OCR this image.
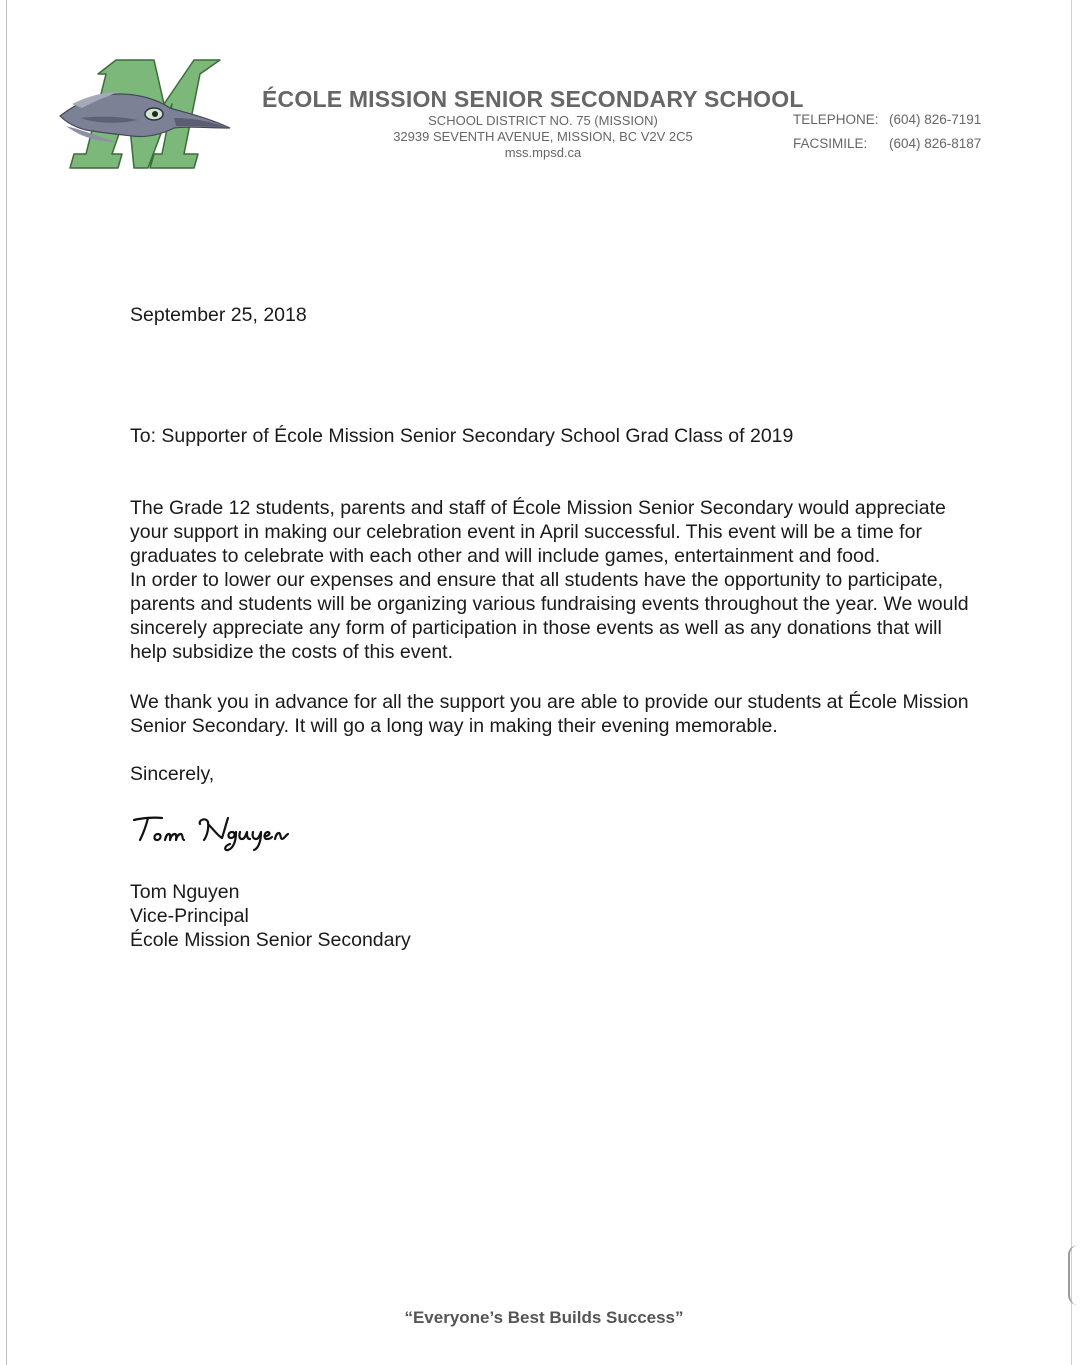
ÉCOLE MISSION SENIOR SECONDARY SCHOOL
SCHOOL DISTRICT NO. 75 (MISSION)
32939 SEVENTH AVENUE, MISSION, BC V2V 2C5
mss.mpsd.ca
TELEPHONE: (604) 826-7191
FACSIMILE: (604) 826-8187
September 25, 2018
To: Supporter of École Mission Senior Secondary School Grad Class of 2019
The Grade 12 students, parents and staff of École Mission Senior Secondary would appreciate
your support in making our celebration event in April successful. This event will be a time for
graduates to celebrate with each other and will include games, entertainment and food.
In order to lower our expenses and ensure that all students have the opportunity to participate,
parents and students will be organizing various fundraising events throughout the year. We would
sincerely appreciate any form of participation in those events as well as any donations that will
help subsidize the costs of this event.
We thank you in advance for all the support you are able to provide our students at École Mission
Senior Secondary. It will go a long way in making their evening memorable.
Sincerely,
Tom Nguyen
Vice-Principal
École Mission Senior Secondary
“Everyone’s Best Builds Success”
